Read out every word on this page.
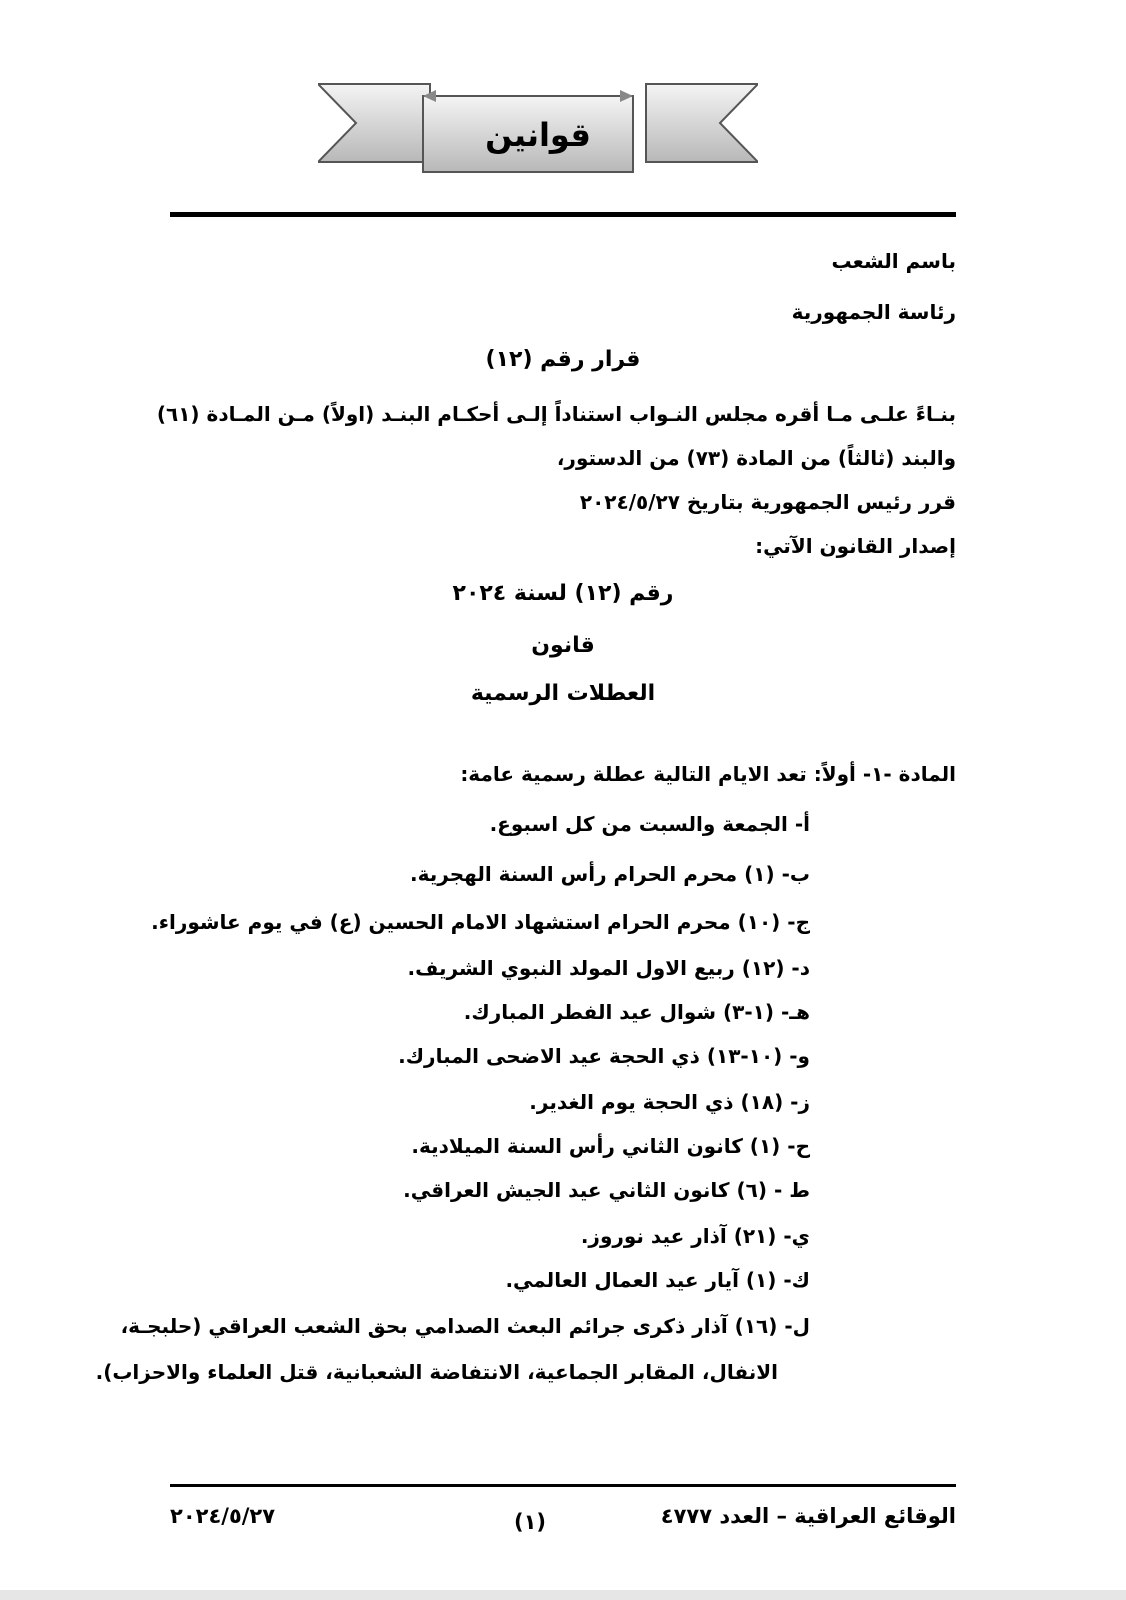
قوانين
باسم الشعب
رئاسة الجمهورية
قرار رقم (١٢)
بنـاءً علـى مـا أقره مجلس النـواب استناداً إلـى أحكـام البنـد (اولاً) مـن المـادة (٦١)
والبند (ثالثاً) من المادة (٧٣) من الدستور،
قرر رئيس الجمهورية بتاريخ ٢٠٢٤/٥/٢٧
إصدار القانون الآتي:
رقم (١٢) لسنة ٢٠٢٤
قانون
العطلات الرسمية
المادة -١- أولاً: تعد الايام التالية عطلة رسمية عامة:
أ- الجمعة والسبت من كل اسبوع.
ب- (١) محرم الحرام رأس السنة الهجرية.
ج- (١٠) محرم الحرام استشهاد الامام الحسين (ع) في يوم عاشوراء.
د- (١٢) ربيع الاول المولد النبوي الشريف.
هـ- (١-٣) شوال عيد الفطر المبارك.
و- (١٠-١٣) ذي الحجة عيد الاضحى المبارك.
ز- (١٨) ذي الحجة يوم الغدير.
ح- (١) كانون الثاني رأس السنة الميلادية.
ط - (٦) كانون الثاني عيد الجيش العراقي.
ي- (٢١) آذار عيد نوروز.
ك- (١) آيار عيد العمال العالمي.
ل- (١٦) آذار ذكرى جرائم البعث الصدامي بحق الشعب العراقي (حلبجـة،
الانفال، المقابر الجماعية، الانتفاضة الشعبانية، قتل العلماء والاحزاب).
الوقائع العراقية – العدد ٤٧٧٧
(١)
٢٠٢٤/٥/٢٧
